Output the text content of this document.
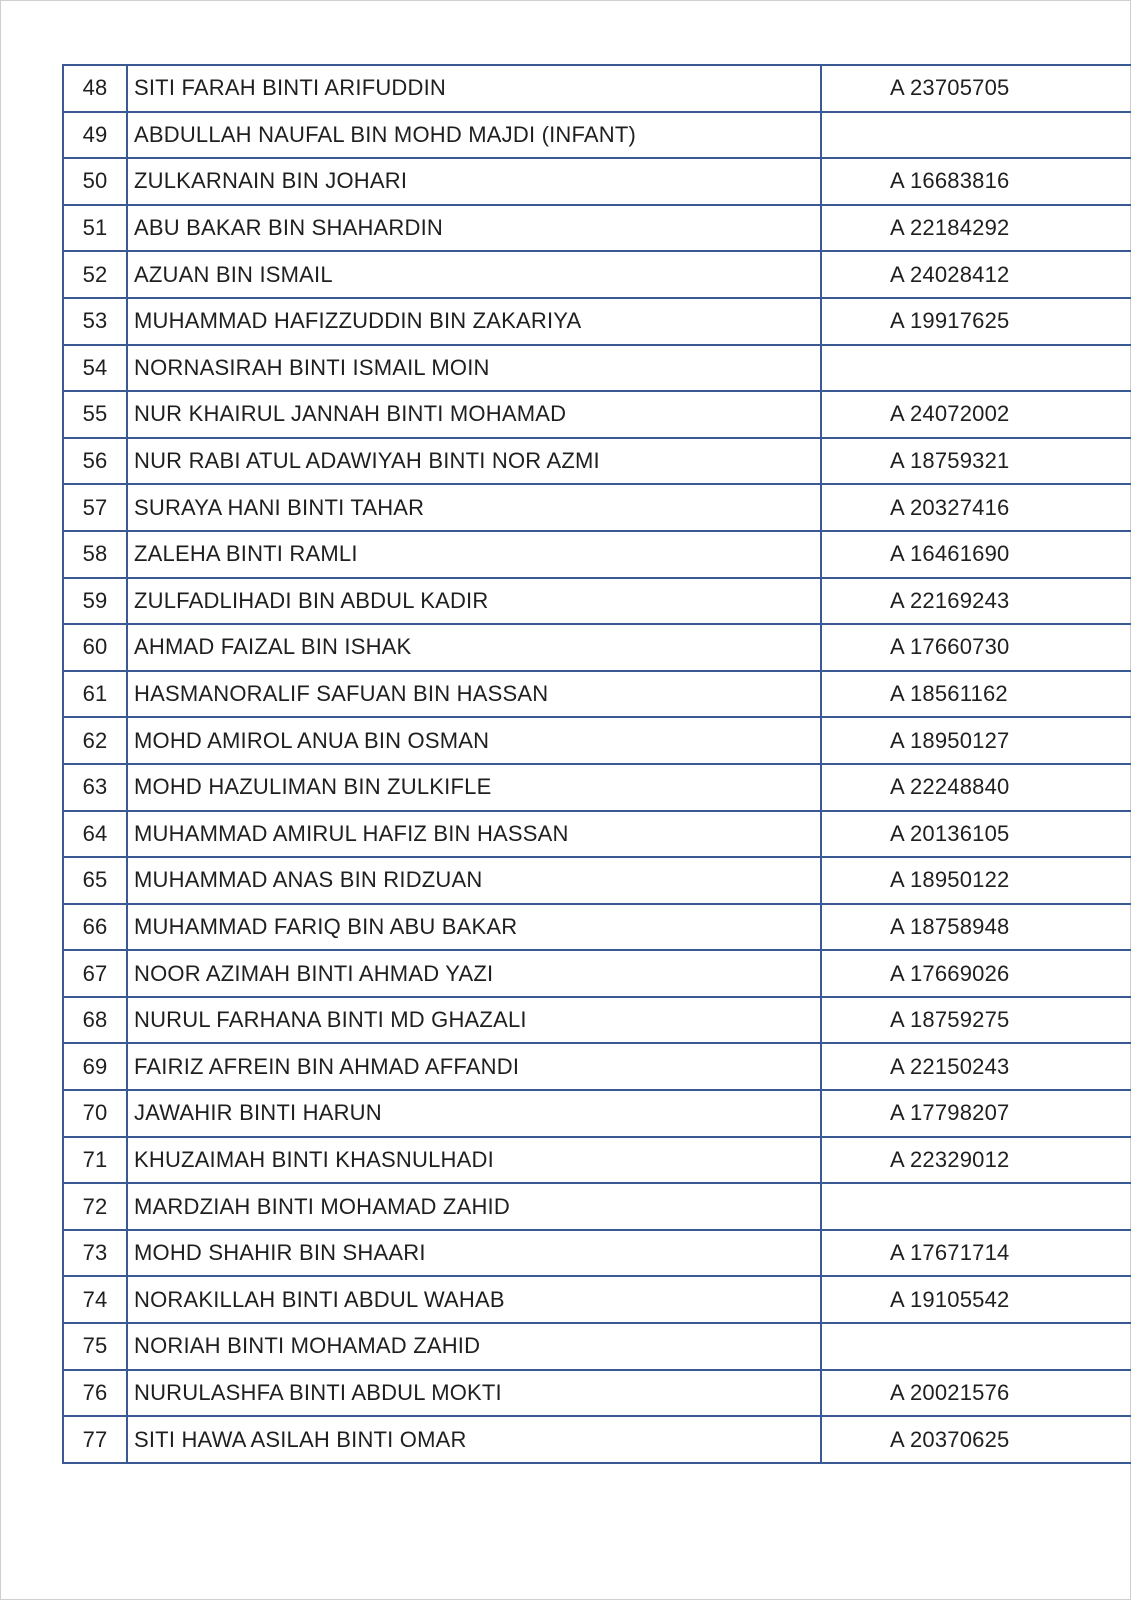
48	SITI FARAH BINTI ARIFUDDIN	A 23705705
49	ABDULLAH NAUFAL BIN MOHD MAJDI (INFANT)	
50	ZULKARNAIN BIN JOHARI	A 16683816
51	ABU BAKAR BIN SHAHARDIN	A 22184292
52	AZUAN BIN ISMAIL	A 24028412
53	MUHAMMAD HAFIZZUDDIN BIN ZAKARIYA	A 19917625
54	NORNASIRAH BINTI ISMAIL MOIN	
55	NUR KHAIRUL JANNAH BINTI MOHAMAD	A 24072002
56	NUR RABI ATUL ADAWIYAH BINTI NOR AZMI	A 18759321
57	SURAYA HANI BINTI TAHAR	A 20327416
58	ZALEHA BINTI RAMLI	A 16461690
59	ZULFADLIHADI BIN ABDUL KADIR	A 22169243
60	AHMAD FAIZAL BIN ISHAK	A 17660730
61	HASMANORALIF SAFUAN BIN HASSAN	A 18561162
62	MOHD AMIROL ANUA BIN OSMAN	A 18950127
63	MOHD HAZULIMAN BIN ZULKIFLE	A 22248840
64	MUHAMMAD AMIRUL HAFIZ BIN HASSAN	A 20136105
65	MUHAMMAD ANAS BIN RIDZUAN	A 18950122
66	MUHAMMAD FARIQ BIN ABU BAKAR	A 18758948
67	NOOR AZIMAH BINTI AHMAD YAZI	A 17669026
68	NURUL FARHANA BINTI MD GHAZALI	A 18759275
69	FAIRIZ AFREIN BIN AHMAD AFFANDI	A 22150243
70	JAWAHIR BINTI HARUN	A 17798207
71	KHUZAIMAH BINTI KHASNULHADI	A 22329012
72	MARDZIAH BINTI MOHAMAD ZAHID	
73	MOHD SHAHIR BIN SHAARI	A 17671714
74	NORAKILLAH BINTI ABDUL WAHAB	A 19105542
75	NORIAH BINTI MOHAMAD ZAHID	
76	NURULASHFA BINTI ABDUL MOKTI	A 20021576
77	SITI HAWA ASILAH BINTI OMAR	A 20370625
